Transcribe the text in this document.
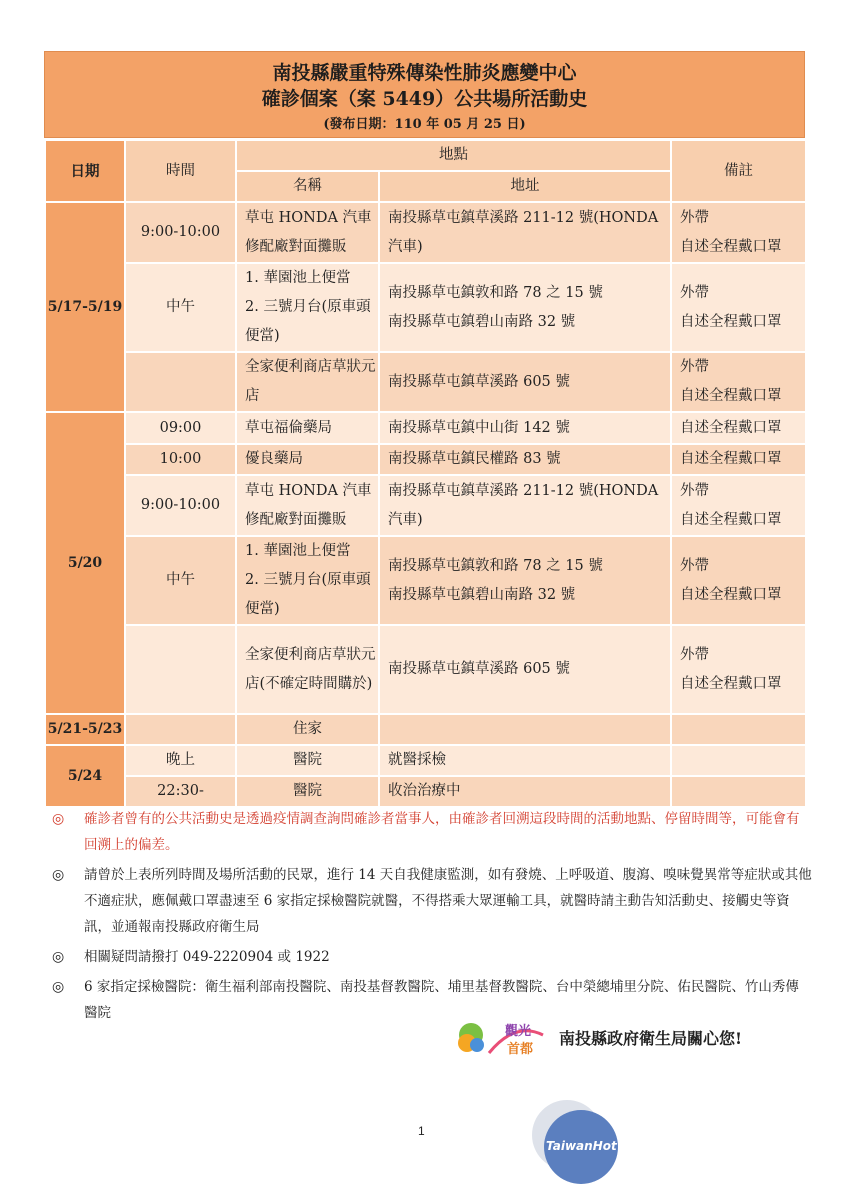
南投縣嚴重特殊傳染性肺炎應變中心
確診個案（案 5449）公共場所活動史
(發布日期：110 年 05 月 25 日)
日期	時間	地點		備註
		名稱	地址	
5/17-5/19	9:00-10:00	草屯 HONDA 汽車修配廠對面攤販	南投縣草屯鎮草溪路 211-12 號(HONDA 汽車)	外帶
自述全程戴口罩
	中午	1. 華園池上便當
2. 三號月台(原車頭便當)	南投縣草屯鎮敦和路 78 之 15 號
南投縣草屯鎮碧山南路 32 號	外帶
自述全程戴口罩
		全家便利商店草狀元店	南投縣草屯鎮草溪路 605 號	外帶
自述全程戴口罩
5/20	09:00	草屯福倫藥局	南投縣草屯鎮中山街 142 號	自述全程戴口罩
	10:00	優良藥局	南投縣草屯鎮民權路 83 號	自述全程戴口罩
	9:00-10:00	草屯 HONDA 汽車修配廠對面攤販	南投縣草屯鎮草溪路 211-12 號(HONDA 汽車)	外帶
自述全程戴口罩
	中午	1. 華園池上便當
2. 三號月台(原車頭便當)	南投縣草屯鎮敦和路 78 之 15 號
南投縣草屯鎮碧山南路 32 號	外帶
自述全程戴口罩
		全家便利商店草狀元店(不確定時間購於)	南投縣草屯鎮草溪路 605 號	外帶
自述全程戴口罩
5/21-5/23		住家		
5/24	晚上	醫院	就醫採檢	
	22:30-	醫院	收治治療中	
◎	確診者曾有的公共活動史是透過疫情調查詢問確診者當事人，由確診者回溯這段時間的活動地點、停留時間等，可能會有回溯上的偏差。
◎	請曾於上表所列時間及場所活動的民眾，進行 14 天自我健康監測，如有發燒、上呼吸道、腹瀉、嗅味覺異常等症狀或其他不適症狀，應佩戴口罩盡速至 6 家指定採檢醫院就醫，不得搭乘大眾運輸工具，就醫時請主動告知活動史、接觸史等資訊，並通報南投縣政府衛生局
◎	相關疑問請撥打 049-2220904 或 1922
◎	6 家指定採檢醫院：衛生福利部南投醫院、南投基督教醫院、埔里基督教醫院、台中榮總埔里分院、佑民醫院、竹山秀傳醫院
觀光
首都
南投縣政府衛生局關心您!
1
TaiwanHot
